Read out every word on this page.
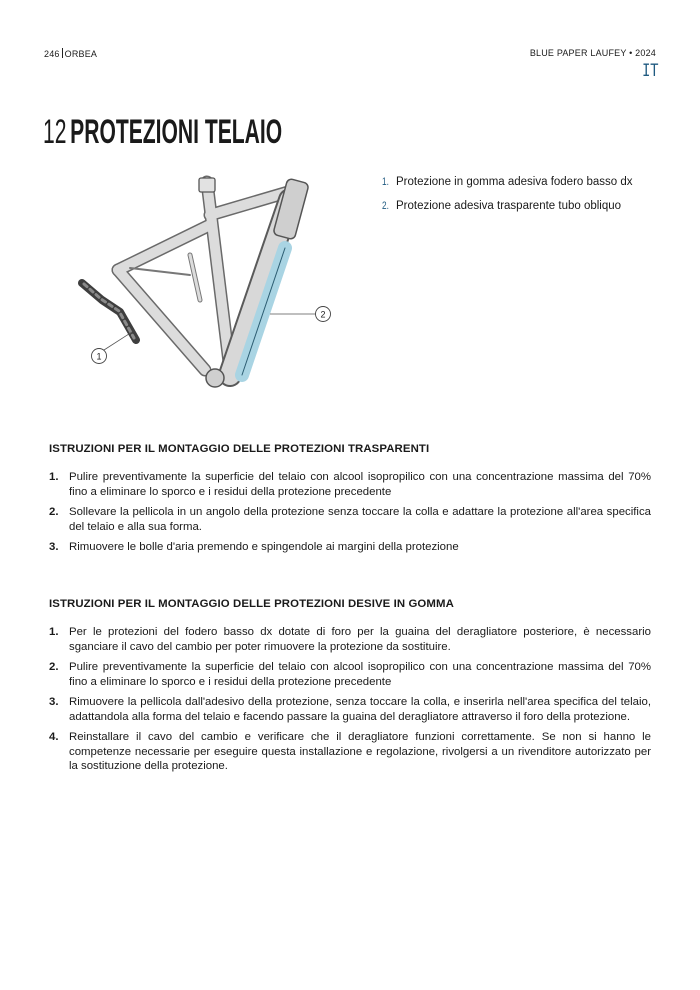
246 ORBEA	BLUE PAPER LAUFEY • 2024
IT
12 PROTEZIONI TELAIO
1
2
1. Protezione in gomma adesiva fodero basso dx
2. Protezione adesiva trasparente tubo obliquo
ISTRUZIONI PER IL MONTAGGIO DELLE PROTEZIONI TRASPARENTI
1. Pulire preventivamente la superficie del telaio con alcool isopropilico con una concentrazione massima del 70% fino a eliminare lo sporco e i residui della protezione precedente
2. Sollevare la pellicola in un angolo della protezione senza toccare la colla e adattare la protezione all'area specifica del telaio e alla sua forma.
3. Rimuovere le bolle d'aria premendo e spingendole ai margini della protezione
ISTRUZIONI PER IL MONTAGGIO DELLE PROTEZIONI DESIVE IN GOMMA
1. Per le protezioni del fodero basso dx dotate di foro per la guaina del deragliatore posteriore, è necessario sganciare il cavo del cambio per poter rimuovere la protezione da sostituire.
2. Pulire preventivamente la superficie del telaio con alcool isopropilico con una concentrazione massima del 70% fino a eliminare lo sporco e i residui della protezione precedente
3. Rimuovere la pellicola dall'adesivo della protezione, senza toccare la colla, e inserirla nell'area specifica del telaio, adattandola alla forma del telaio e facendo passare la guaina del deragliatore attraverso il foro della protezione.
4. Reinstallare il cavo del cambio e verificare che il deragliatore funzioni correttamente. Se non si hanno le competenze necessarie per eseguire questa installazione e regolazione, rivolgersi a un rivenditore autorizzato per la sostituzione della protezione.
